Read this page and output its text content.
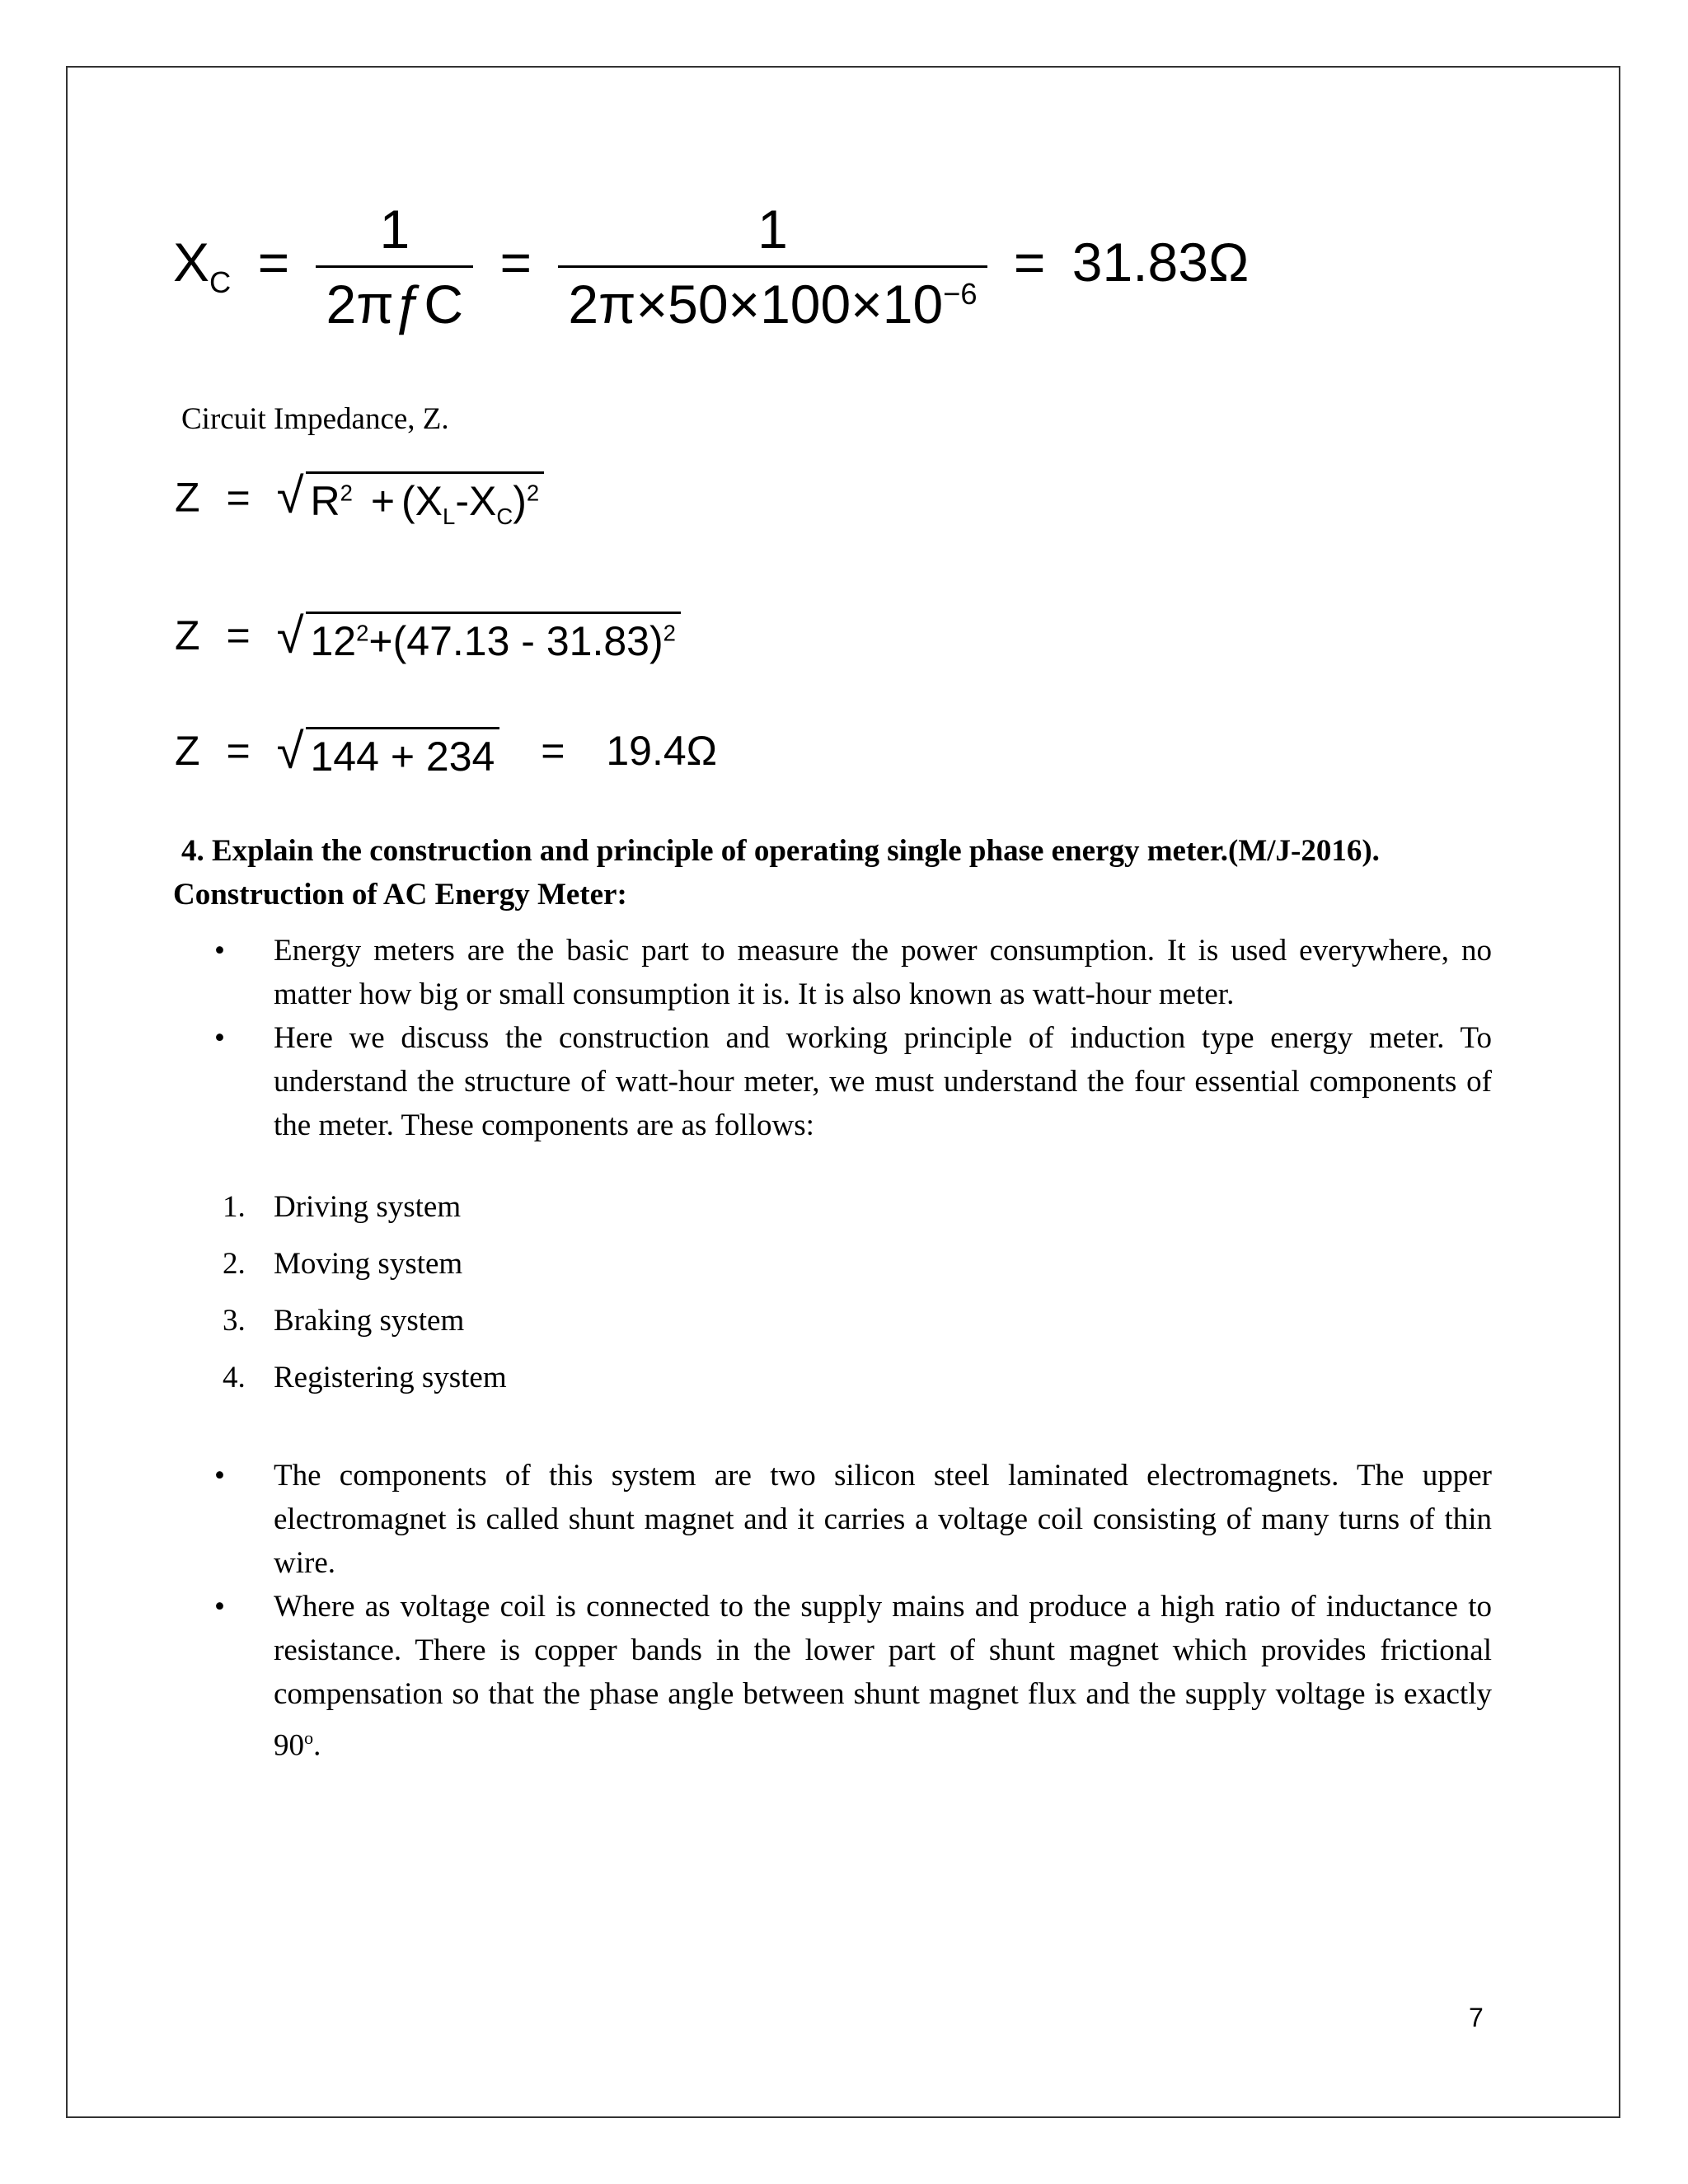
$X_C = \frac{1}{\text{2πƒC}} = \frac{1}{2\pi\times 50\times 100\times 10^{-6}} = 31.83\Omega$
Circuit Impedance, Z.
Z = √ $R^2 + (X_L-X_C)^2$
Z = √ $12^2+(47.13 - 31.83)^2$
Z = √ 144 + 234 = 19.4Ω
4. Explain the construction and principle of operating single phase energy meter.(M/J-2016).
Construction of AC Energy Meter:
• Energy meters are the basic part to measure the power consumption. It is used everywhere, no matter how big or small consumption it is. It is also known as watt-hour meter.
• Here we discuss the construction and working principle of induction type energy meter. To understand the structure of watt-hour meter, we must understand the four essential components of the meter. These components are as follows:
1. Driving system
2. Moving system
3. Braking system
4. Registering system
• The components of this system are two silicon steel laminated electromagnets. The upper electromagnet is called shunt magnet and it carries a voltage coil consisting of many turns of thin wire.
• Where as voltage coil is connected to the supply mains and produce a high ratio of inductance to resistance. There is copper bands in the lower part of shunt magnet which provides frictional compensation so that the phase angle between shunt magnet flux and the supply voltage is exactly 90$^o$.
7
